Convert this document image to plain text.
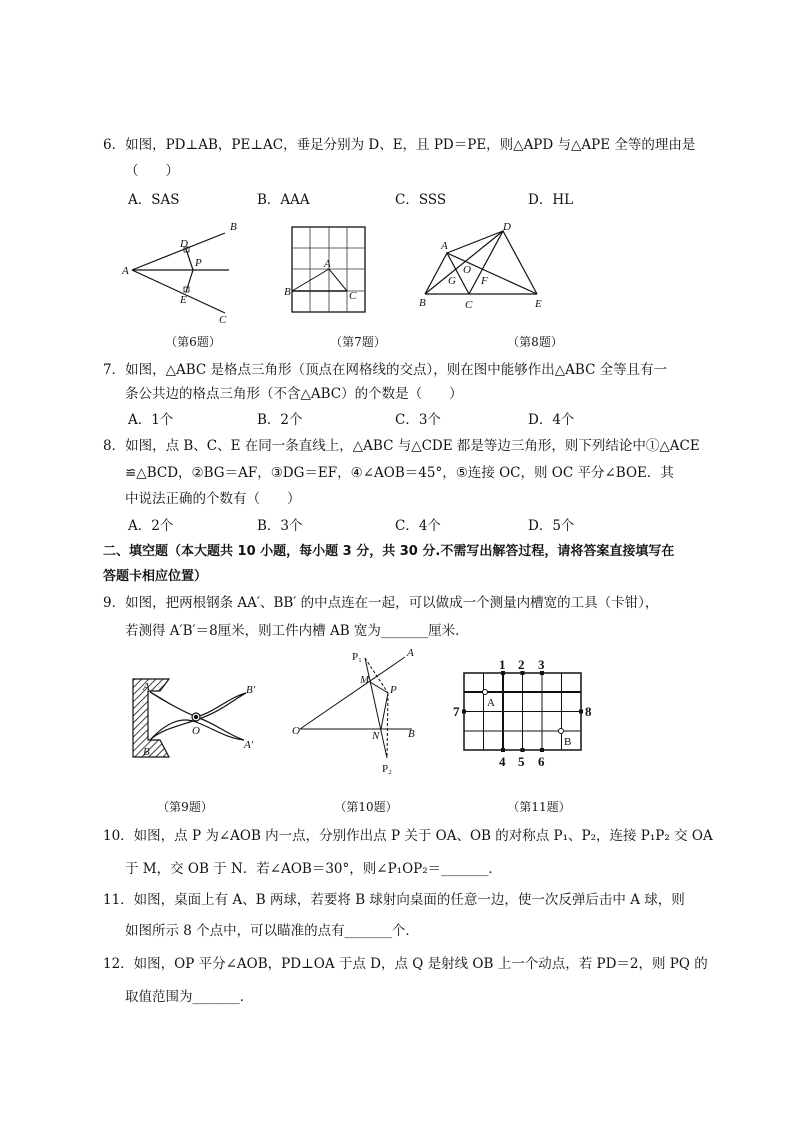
6．如图，PD⊥AB，PE⊥AC，垂足分别为 D、E，且 PD＝PE，则△APD 与△APE 全等的理由是
（　　）
A．SAS	B．AAA	C．SSS	D．HL
（第6题）	（第7题）	（第8题）
7．如图，△ABC 是格点三角形（顶点在网格线的交点），则在图中能够作出△ABC 全等且有一
条公共边的格点三角形（不含△ABC）的个数是（　　）
A．1个	B．2个	C．3个	D．4个
8．如图，点 B、C、E 在同一条直线上，△ABC 与△CDE 都是等边三角形，则下列结论中①△ACE
≌△BCD，②BG＝AF，③DG＝EF，④∠AOB＝45°，⑤连接 OC，则 OC 平分∠BOE．其
中说法正确的个数有（　　）
A．2个	B．3个	C．4个	D．5个
二、填空题（本大题共 10 小题，每小题 3 分，共 30 分.不需写出解答过程，请将答案直接填写在
答题卡相应位置）
9．如图，把两根钢条 AA′、BB′ 的中点连在一起，可以做成一个测量内槽宽的工具（卡钳），
若测得 A′B′＝8厘米，则工件内槽 AB 宽为_______厘米．
（第9题）	（第10题）	（第11题）
10．如图，点 P 为∠AOB 内一点，分别作出点 P 关于 OA、OB 的对称点 P₁、P₂，连接 P₁P₂ 交 OA
于 M，交 OB 于 N．若∠AOB＝30°，则∠P₁OP₂＝_______．
11．如图，桌面上有 A、B 两球，若要将 B 球射向桌面的任意一边，使一次反弹后击中 A 球，则
如图所示 8 个点中，可以瞄准的点有_______个．
12．如图，OP 平分∠AOB，PD⊥OA 于点 D，点 Q 是射线 OB 上一个动点，若 PD＝2，则 PQ 的
取值范围为_______．
A
B
C
D
E
P	A
B	C
A
B	C
D
E
O
G F
A
B
B′
A′
O	O
A
B
M
N
P
P₁
P₂
1 2 3
4 5 6
7	8
A
B
